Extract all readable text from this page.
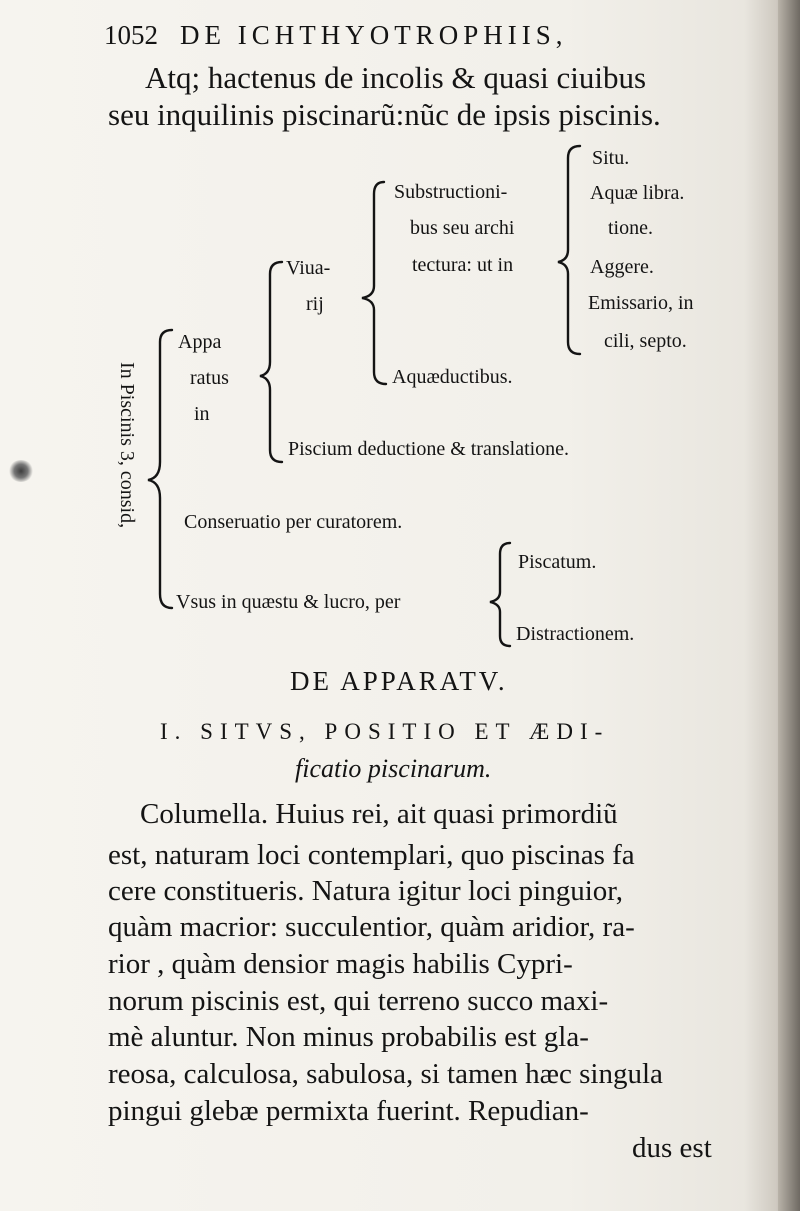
1052 DE ICHTHYOTROPHIIS,
Atq; hactenus de incolis & quasi ciuibus
seu inquilinis piscinarũ:nũc de ipsis piscinis.
In Piscinis 3, consid,
Appa
ratus
in
Viua-
rij
Substructioni-
bus seu archi
tectura: ut in
Situ.
Aquæ libra.
tione.
Aggere.
Emissario, in
cili, septo.
Aquæductibus.
Piscium deductione & translatione.
Conseruatio per curatorem.
Vsus in quæstu & lucro, per
Piscatum.
Distractionem.
DE APPARATV.
I. SITVS, POSITIO ET ÆDI-
ficatio piscinarum.
Columella. Huius rei, ait quasi primordiũ
est, naturam loci contemplari, quo piscinas fa
cere constitueris. Natura igitur loci pinguior,
quàm macrior: succulentior, quàm aridior, ra-
rior , quàm densior magis habilis Cypri-
norum piscinis est, qui terreno succo maxi-
mè aluntur. Non minus probabilis est gla-
reosa, calculosa, sabulosa, si tamen hæc singula
pingui glebæ permixta fuerint. Repudian-
dus est
